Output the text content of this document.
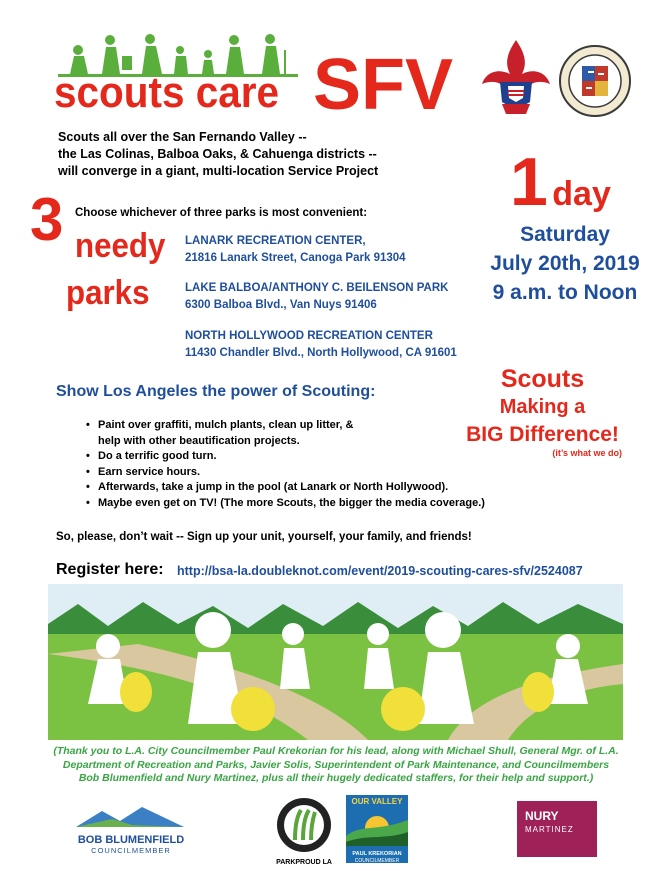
scouts care SFV
Scouts all over the San Fernando Valley --
the Las Colinas, Balboa Oaks, & Cahuenga districts --
will converge in a giant, multi-location Service Project
3 Choose whichever of three parks is most convenient:
needy
parks
LANARK RECREATION CENTER,
21816 Lanark Street, Canoga Park 91304
LAKE BALBOA/ANTHONY C. BEILENSON PARK
6300 Balboa Blvd., Van Nuys 91406
NORTH HOLLYWOOD RECREATION CENTER
11430 Chandler Blvd., North Hollywood, CA 91601
1 day
Saturday
July 20th, 2019
9 a.m. to Noon
Scouts
Making a
BIG Difference!
(it’s what we do)
Show Los Angeles the power of Scouting:
• Paint over graffiti, mulch plants, clean up litter, & help with other beautification projects.
• Do a terrific good turn.
• Earn service hours.
• Afterwards, take a jump in the pool (at Lanark or North Hollywood).
• Maybe even get on TV! (The more Scouts, the bigger the media coverage.)
So, please, don’t wait -- Sign up your unit, yourself, your family, and friends!
Register here: http://bsa-la.doubleknot.com/event/2019-scouting-cares-sfv/2524087
(Thank you to L.A. City Councilmember Paul Krekorian for his lead, along with Michael Shull, General Mgr. of L.A. Department of Recreation and Parks, Javier Solis, Superintendent of Park Maintenance, and Councilmembers Bob Blumenfield and Nury Martinez, plus all their hugely dedicated staffers, for their help and support.)
BOB BLUMENFIELD
COUNCILMEMBER
PARKPROUD LA
OUR VALLEY
PAUL KREKORIAN
COUNCILMEMBER
NURY
MARTINEZ
